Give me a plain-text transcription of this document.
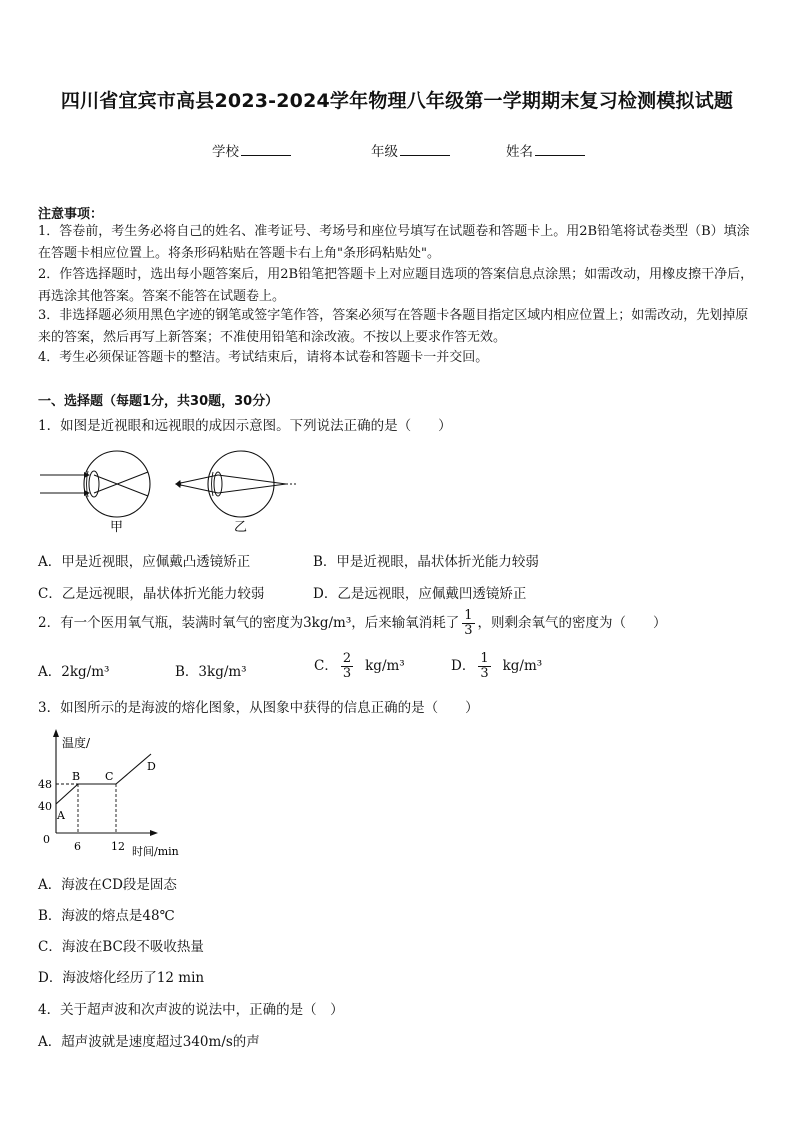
四川省宜宾市高县2023-2024学年物理八年级第一学期期末复习检测模拟试题
学校	年级	姓名
注意事项：
1．答卷前，考生务必将自己的姓名、准考证号、考场号和座位号填写在试题卷和答题卡上。用2B铅笔将试卷类型（B）填涂在答题卡相应位置上。将条形码粘贴在答题卡右上角"条形码粘贴处"。
2．作答选择题时，选出每小题答案后，用2B铅笔把答题卡上对应题目选项的答案信息点涂黑；如需改动，用橡皮擦干净后，再选涂其他答案。答案不能答在试题卷上。
3．非选择题必须用黑色字迹的钢笔或签字笔作答，答案必须写在答题卡各题目指定区域内相应位置上；如需改动，先划掉原来的答案，然后再写上新答案；不准使用铅笔和涂改液。不按以上要求作答无效。
4．考生必须保证答题卡的整洁。考试结束后，请将本试卷和答题卡一并交回。
一、选择题（每题1分，共30题，30分）
1．如图是近视眼和远视眼的成因示意图。下列说法正确的是（　　）
甲	乙
A．甲是近视眼，应佩戴凸透镜矫正	B．甲是近视眼，晶状体折光能力较弱
C．乙是远视眼，晶状体折光能力较弱	D．乙是远视眼，应佩戴凹透镜矫正
2．有一个医用氧气瓶，装满时氧气的密度为3kg/m³，后来输氧消耗了 $\frac{1}{3}$ ，则剩余氧气的密度为（　　）
A．2kg/m³	B．3kg/m³	C． $\frac{2}{3} kg/m^3$	D． $\frac{1}{3} kg/m^3$
3．如图所示的是海波的熔化图象，从图象中获得的信息正确的是（　　）
温度/
48
40
0
6	12 时间/min
A
B C
D
A．海波在CD段是固态
B．海波的熔点是48℃
C．海波在BC段不吸收热量
D．海波熔化经历了12 min
4．关于超声波和次声波的说法中，正确的是（　）
A．超声波就是速度超过340m/s的声
